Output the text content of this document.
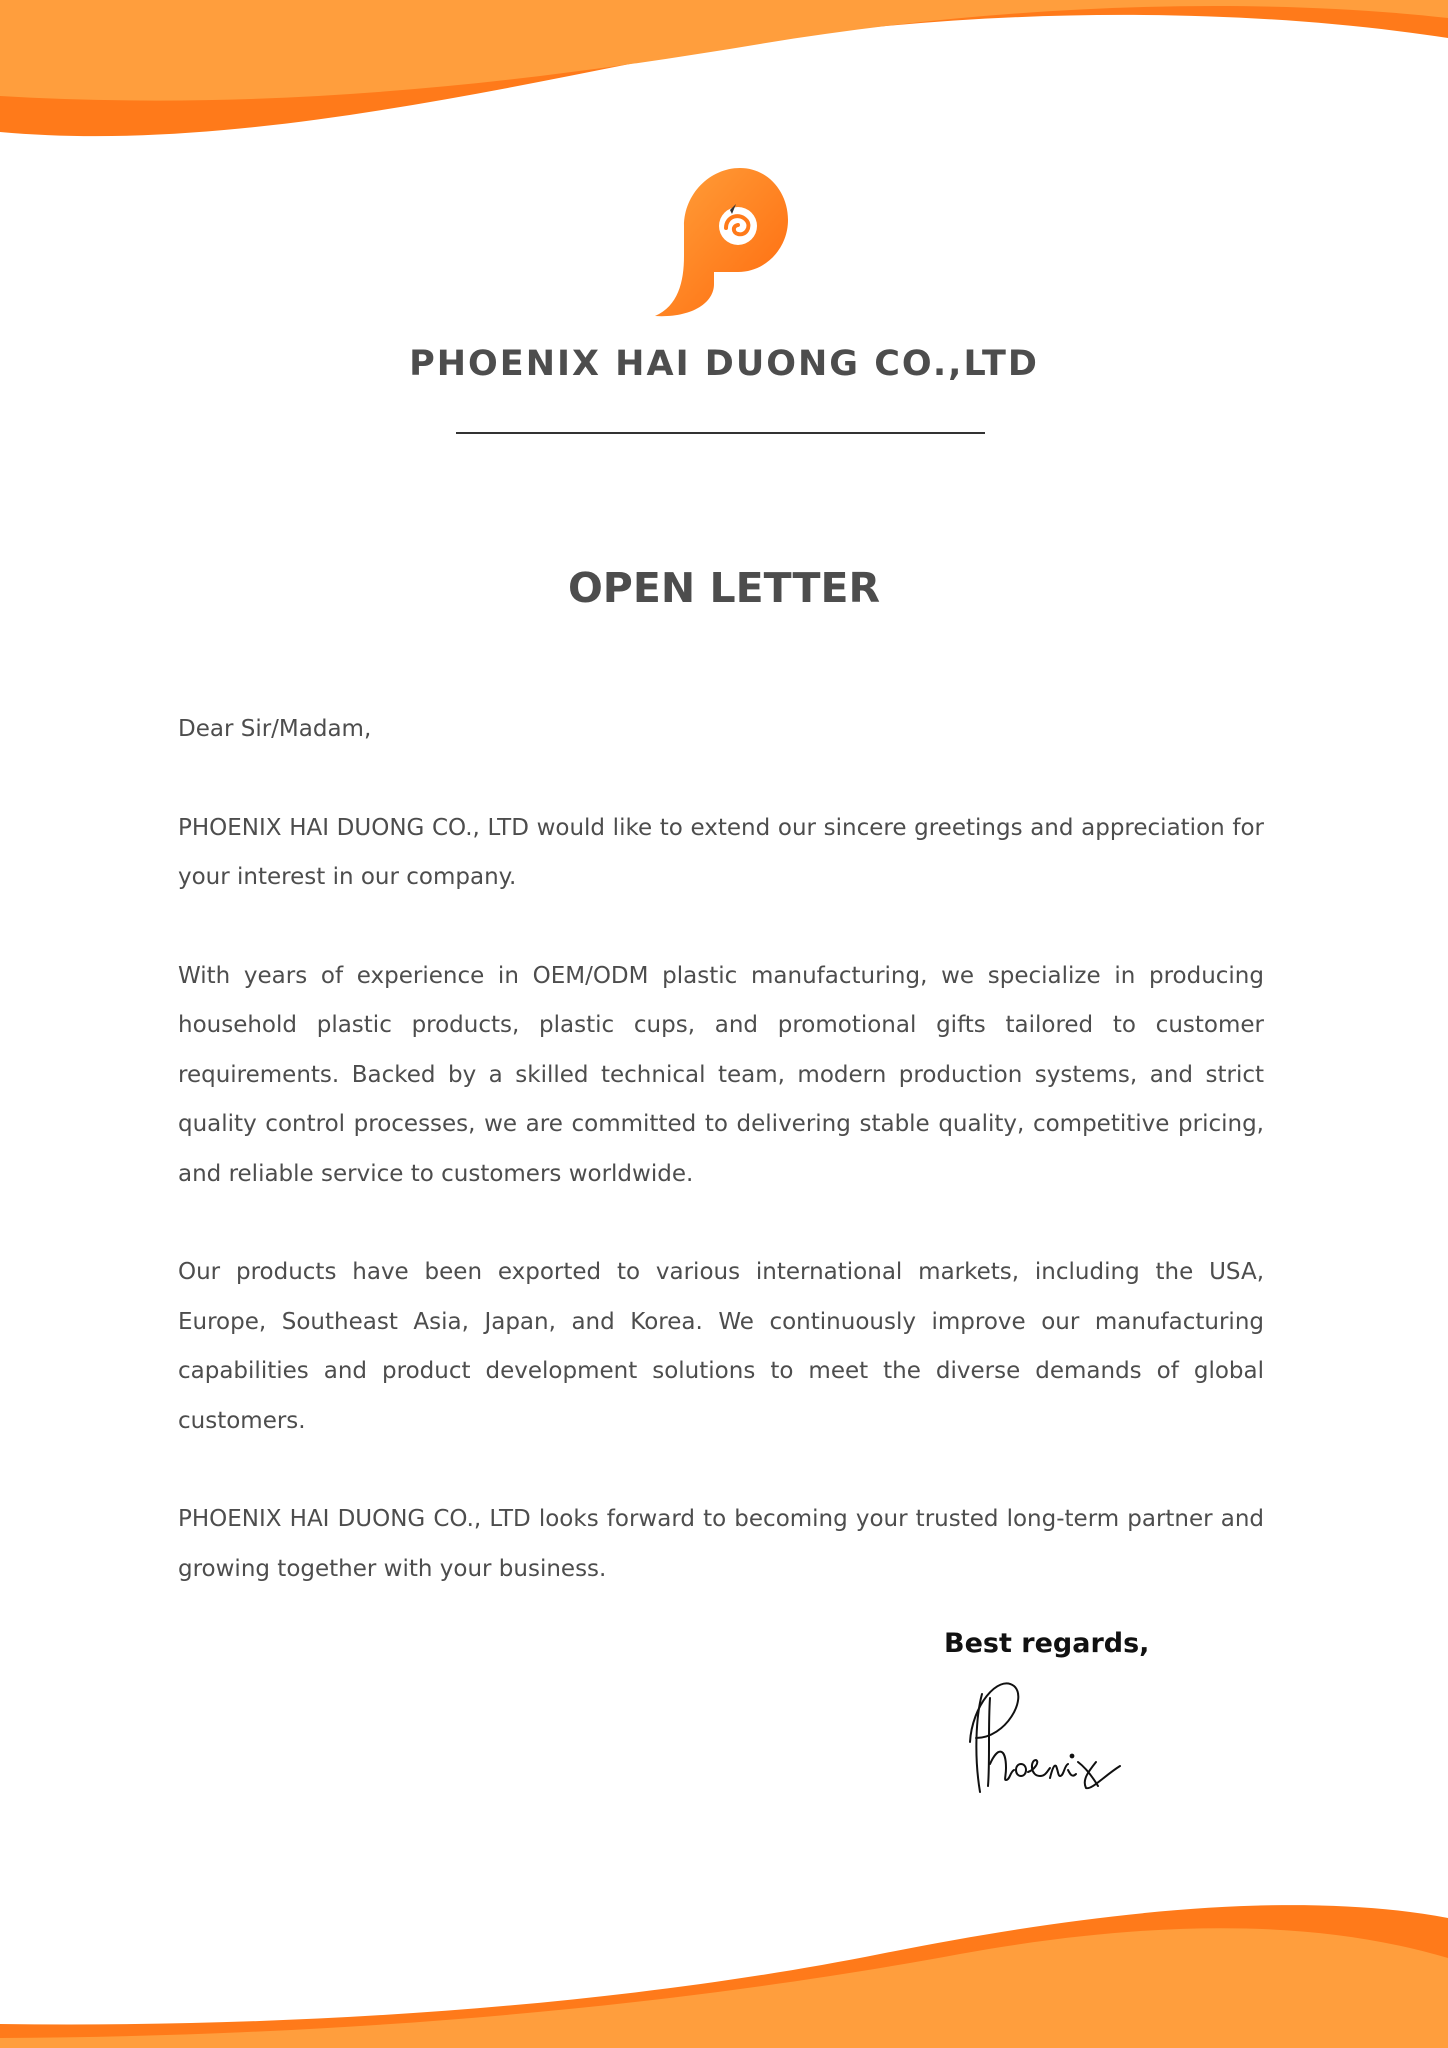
PHOENIX HAI DUONG CO.,LTD
OPEN LETTER

Dear Sir/Madam,

PHOENIX HAI DUONG CO., LTD would like to extend our sincere greetings and appreciation for your interest in our company.

With years of experience in OEM/ODM plastic manufacturing, we specialize in producing household plastic products, plastic cups, and promotional gifts tailored to customer requirements. Backed by a skilled technical team, modern production systems, and strict quality control processes, we are committed to delivering stable quality, competitive pricing, and reliable service to customers worldwide.

Our products have been exported to various international markets, including the USA, Europe, Southeast Asia, Japan, and Korea. We continuously improve our manufacturing capabilities and product development solutions to meet the diverse demands of global customers.

PHOENIX HAI DUONG CO., LTD looks forward to becoming your trusted long-term partner and growing together with your business.

Best regards,
